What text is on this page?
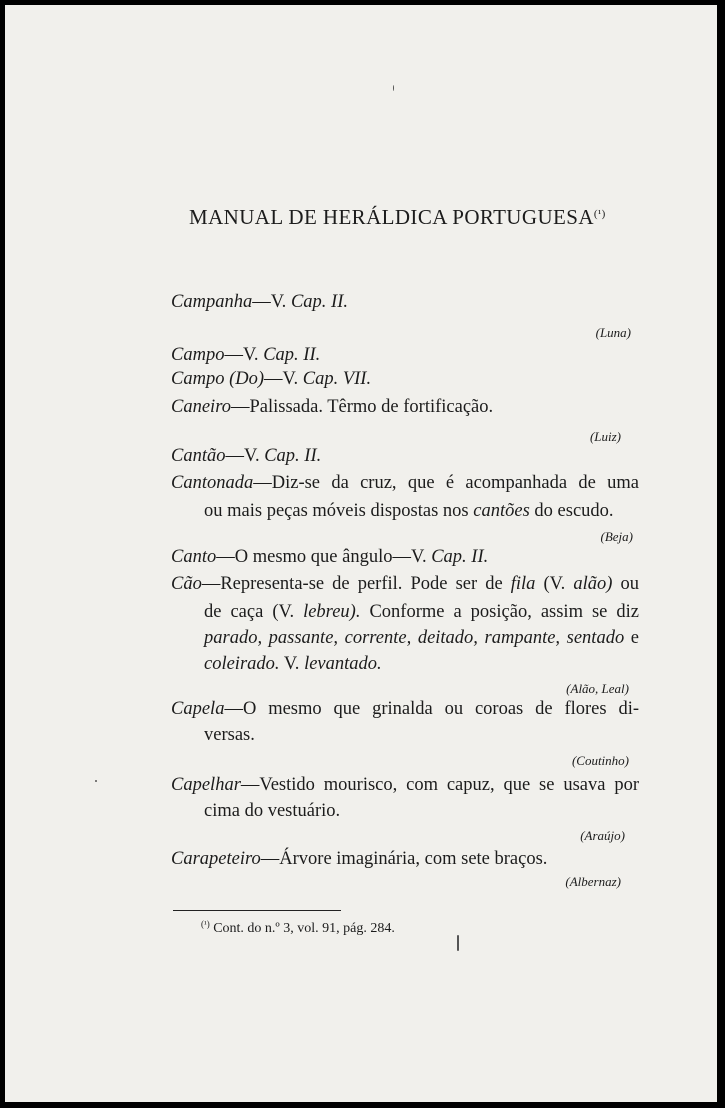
MANUAL DE HERÁLDICA $PORTUGUESA^{(^1)}$
Campanha—V. Cap. II.
(Luna)
Campo—V. Cap. II.
Campo (Do)—V. Cap. VII.
Caneiro—Palissada. Têrmo de fortificação.
(Luiz)
Cantão—V. Cap. II.
Cantonada—Diz-se da cruz, que é acompanhada de uma
ou mais peças móveis dispostas nos cantões do escudo.
(Beja)
Canto—O mesmo que ângulo—V. Cap. II.
Cão—Representa-se de perfil. Pode ser de fila (V. alão) ou
de caça (V. lebreu). Conforme a posição, assim se diz
parado, passante, corrente, deitado, rampante, sentado e
coleirado. V. levantado.
(Alão, Leal)
Capela—O mesmo que grinalda ou coroas de flores di-
versas.
(Coutinho)
Capelhar—Vestido mourisco, com capuz, que se usava por
cima do vestuário.
(Araújo)
Carapeteiro—Árvore imaginária, com sete braços.
(Albernaz)
$^{(^1)}$ Cont. do n.º 3, vol. 91, pág. 284.
